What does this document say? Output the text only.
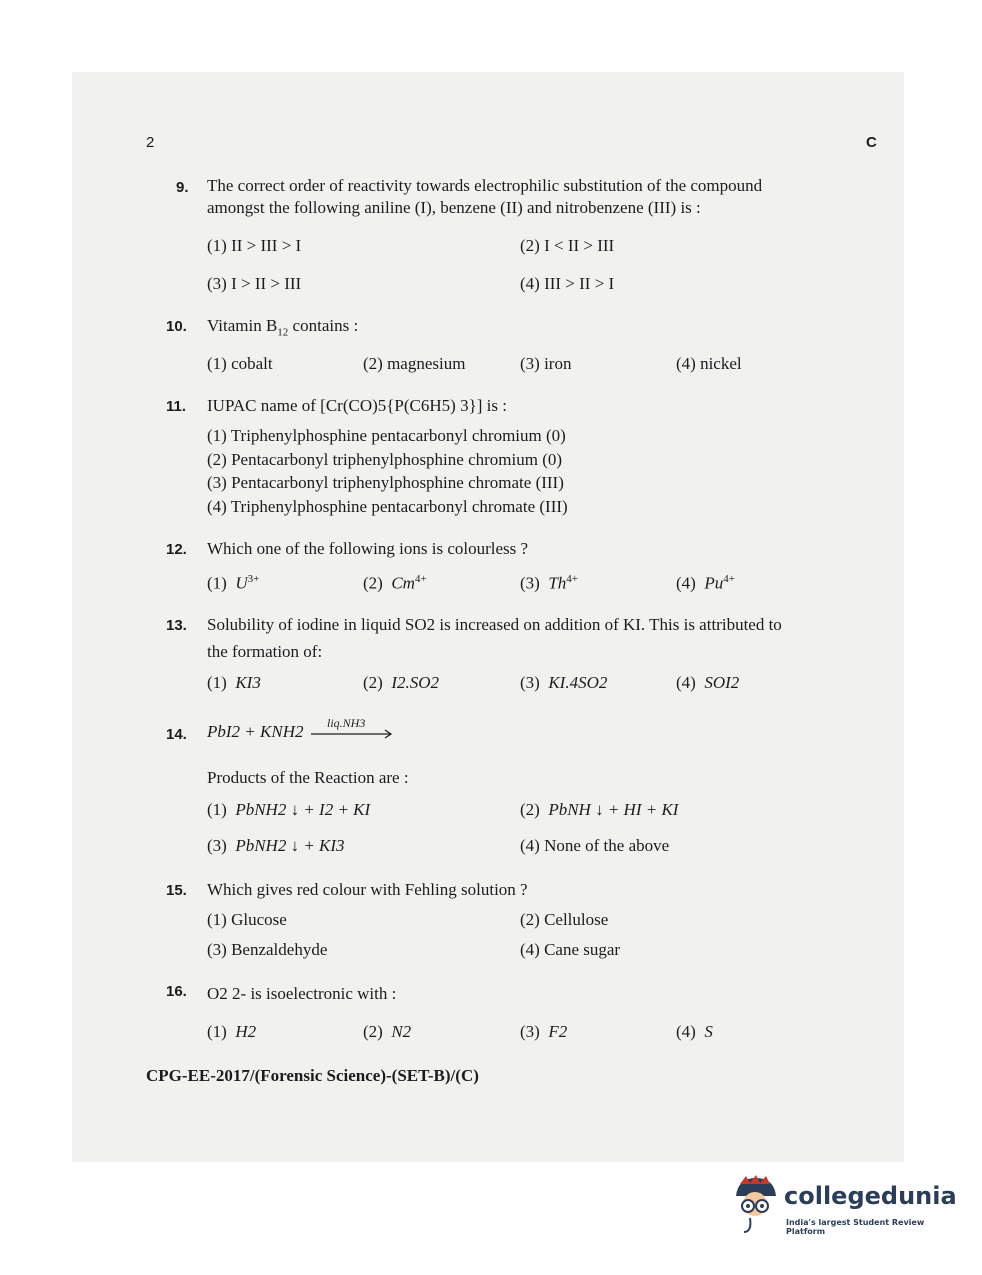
2	C
9. The correct order of reactivity towards electrophilic substitution of the compound
amongst the following aniline (I), benzene (II) and nitrobenzene (III) is :
(1) II > III > I	(2) I < II > III
(3) I > II > III	(4) III > II > I
10. Vitamin $B_{12}$ contains :
(1) cobalt	(2) magnesium	(3) iron	(4) nickel
11. IUPAC name of [Cr(CO)5{P(C6H5) 3}] is :
(1) Triphenylphosphine pentacarbonyl chromium (0)
(2) Pentacarbonyl triphenylphosphine chromium (0)
(3) Pentacarbonyl triphenylphosphine chromate (III)
(4) Triphenylphosphine pentacarbonyl chromate (III)
12. Which one of the following ions is colourless ?
(1) $U^{3+}$	(2) $Cm^{4+}$	(3) $Th^{4+}$	(4) $Pu^{4+}$
13. Solubility of iodine in liquid SO2 is increased on addition of KI. This is attributed to
the formation of:
(1) KI3	(2) I2.SO2	(3) KI.4SO2	(4) SOI2
14. PbI2 + KNH2 liq.NH3
Products of the Reaction are :
(1) PbNH2 ↓ + I2 + KI	(2) PbNH ↓ + HI + KI
(3) PbNH2 ↓ + KI3	(4) None of the above
15. Which gives red colour with Fehling solution ?
(1) Glucose	(2) Cellulose
(3) Benzaldehyde	(4) Cane sugar
16. O2 2- is isoelectronic with :
(1) H2	(2) N2	(3) F2	(4) S
CPG-EE-2017/(Forensic Science)-(SET-B)/(C)
collegedunia
India's largest Student Review Platform
